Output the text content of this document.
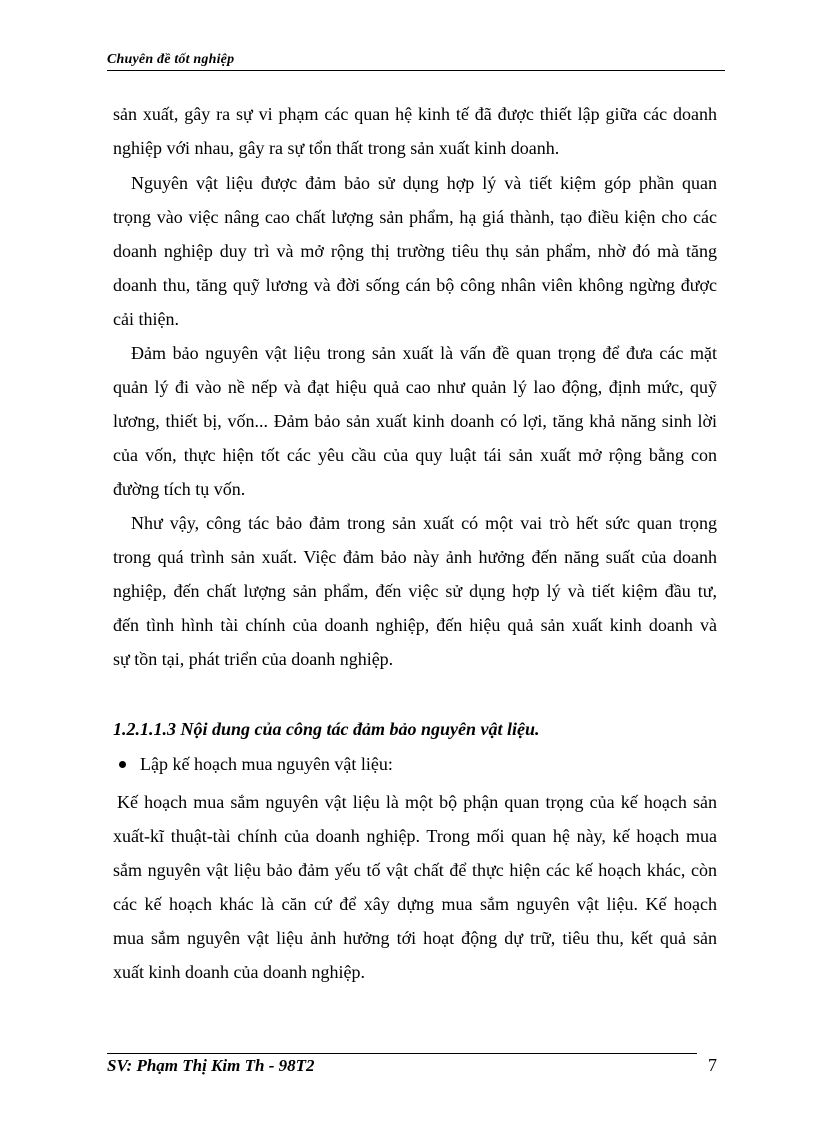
Chuyên đề tốt nghiệp
sản xuất, gây ra sự vi phạm các quan hệ kinh tế đã được thiết lập giữa các doanh
nghiệp với nhau, gây ra sự tổn thất trong sản xuất kinh doanh.
Nguyên vật liệu được đảm bảo sử dụng hợp lý và tiết kiệm góp phần quan
trọng vào việc nâng cao chất lượng sản phẩm, hạ giá thành, tạo điều kiện cho các
doanh nghiệp duy trì và mở rộng thị trường tiêu thụ sản phẩm, nhờ đó mà tăng
doanh thu, tăng quỹ lương và đời sống cán bộ công nhân viên không ngừng được
cải thiện.
Đảm bảo nguyên vật liệu trong sản xuất là vấn đề quan trọng để đưa các mặt
quản lý đi vào nề nếp và đạt hiệu quả cao như quản lý lao động, định mức, quỹ
lương, thiết bị, vốn... Đảm bảo sản xuất kinh doanh có lợi, tăng khả năng sinh lời
của vốn, thực hiện tốt các yêu cầu của quy luật tái sản xuất mở rộng bằng con
đường tích tụ vốn.
Như vậy, công tác bảo đảm trong sản xuất có một vai trò hết sức quan trọng
trong quá trình sản xuất. Việc đảm bảo này ảnh hưởng đến năng suất của doanh
nghiệp, đến chất lượng sản phẩm, đến việc sử dụng hợp lý và tiết kiệm đầu tư,
đến tình hình tài chính của doanh nghiệp, đến hiệu quả sản xuất kinh doanh và
sự tồn tại, phát triển của doanh nghiệp.
1.2.1.1.3 Nội dung của công tác đảm bảo nguyên vật liệu.
Lập kế hoạch mua nguyên vật liệu:
Kế hoạch mua sắm nguyên vật liệu là một bộ phận quan trọng của kế hoạch sản
xuất-kĩ thuật-tài chính của doanh nghiệp. Trong mối quan hệ này, kế hoạch mua
sắm nguyên vật liệu bảo đảm yếu tố vật chất để thực hiện các kế hoạch khác, còn
các kế hoạch khác là căn cứ để xây dựng mua sắm nguyên vật liệu. Kế hoạch
mua sắm nguyên vật liệu ảnh hưởng tới hoạt động dự trữ, tiêu thu, kết quả sản
xuất kinh doanh của doanh nghiệp.
SV: Phạm Thị Kim Th - 98T2	7
